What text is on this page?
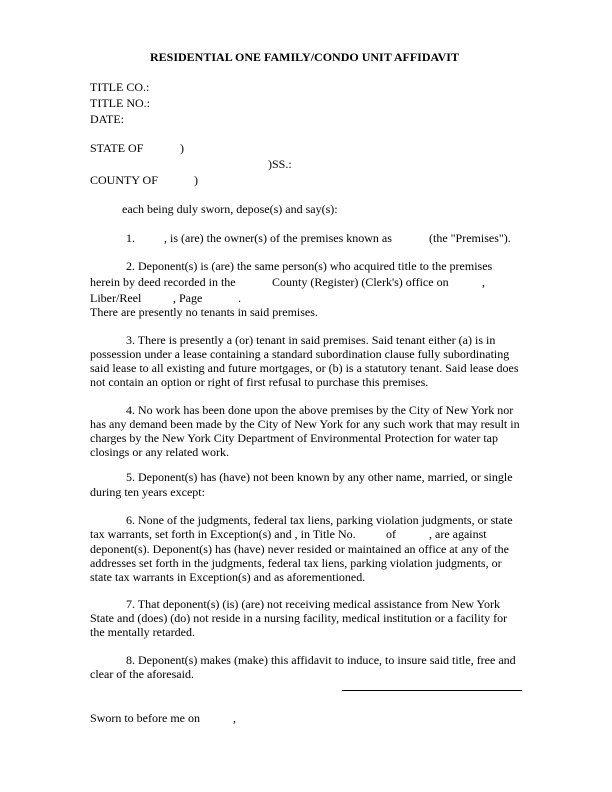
RESIDENTIAL ONE FAMILY/CONDO UNIT AFFIDAVIT
TITLE CO.:
TITLE NO.:
DATE:
STATE OF	)
)SS.:
COUNTY OF	)
each being duly sworn, depose(s) and say(s):
1. , is (are) the owner(s) of the premises known as	(the "Premises").
2. Deponent(s) is (are) the same person(s) who acquired title to the premises
herein by deed recorded in the	County (Register) (Clerk's) office on	,
Liber/Reel	, Page	.
There are presently no tenants in said premises.
3. There is presently a (or) tenant in said premises. Said tenant either (a) is in
possession under a lease containing a standard subordination clause fully subordinating
said lease to all existing and future mortgages, or (b) is a statutory tenant. Said lease does
not contain an option or right of first refusal to purchase this premises.
4. No work has been done upon the above premises by the City of New York nor
has any demand been made by the City of New York for any such work that may result in
charges by the New York City Department of Environmental Protection for water tap
closings or any related work.
5. Deponent(s) has (have) not been known by any other name, married, or single
during ten years except:
6. None of the judgments, federal tax liens, parking violation judgments, or state
tax warrants, set forth in Exception(s) and , in Title No.	of	, are against
deponent(s). Deponent(s) has (have) never resided or maintained an office at any of the
addresses set forth in the judgments, federal tax liens, parking violation judgments, or
state tax warrants in Exception(s) and as aforementioned.
7. That deponent(s) (is) (are) not receiving medical assistance from New York
State and (does) (do) not reside in a nursing facility, medical institution or a facility for
the mentally retarded.
8. Deponent(s) makes (make) this affidavit to induce, to insure said title, free and
clear of the aforesaid.
Sworn to before me on	,
